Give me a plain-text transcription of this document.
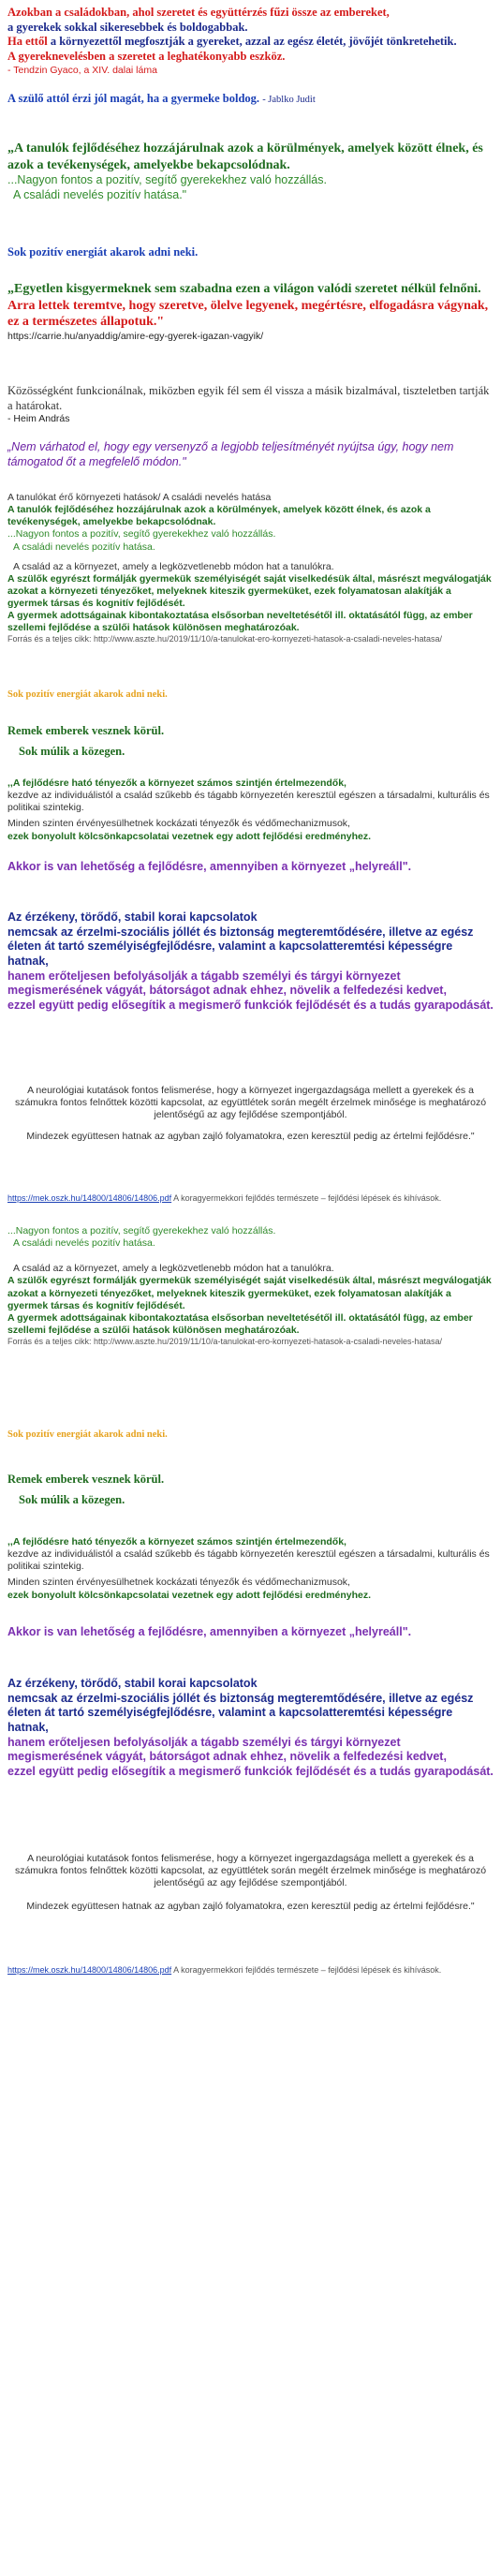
Azokban a családokban, ahol szeretet és együttérzés fűzi össze az embereket,

a gyerekek sokkal sikeresebbek és boldogabbak.

Ha ettől a környezettől megfosztják a gyereket, azzal az egész életét, jövőjét tönkretehetik.

A gyereknevelésben a szeretet a leghatékonyabb eszköz.

- Tendzin Gyaco, a XIV. dalai láma

A szülő attól érzi jól magát, ha a gyermeke boldog. - Jablko Judit

„A tanulók fejlődéséhez hozzájárulnak azok a körülmények, amelyek között élnek, és azok a tevékenységek, amelyekbe bekapcsolódnak.

...Nagyon fontos a pozitív, segítő gyerekekhez való hozzállás.

A családi nevelés pozitív hatása."

Sok pozitív energiát akarok adni neki.

„Egyetlen kisgyermeknek sem szabadna ezen a világon valódi szeretet nélkül felnőni.

Arra lettek teremtve, hogy szeretve, ölelve legyenek, megértésre, elfogadásra vágynak, ez a természetes állapotuk."

https://carrie.hu/anyaddig/amire-egy-gyerek-igazan-vagyik/

Közösségként funkcionálnak, miközben egyik fél sem él vissza a másik bizalmával, tiszteletben tartják a határokat.

- Heim András

„Nem várhatod el, hogy egy versenyző a legjobb teljesítményét nyújtsa úgy, hogy nem támogatod őt a megfelelő módon."

A tanulókat érő környezeti hatások/ A családi nevelés hatása

A tanulók fejlődéséhez hozzájárulnak azok a körülmények, amelyek között élnek, és azok a tevékenységek, amelyekbe bekapcsolódnak.

...Nagyon fontos a pozitív, segítő gyerekekhez való hozzállás.

A családi nevelés pozitív hatása.

A család az a környezet, amely a legközvetlenebb módon hat a tanulókra.

A szülők egyrészt formálják gyermekük személyiségét saját viselkedésük által, másrészt megválogatják azokat a környezeti tényezőket, melyeknek kiteszik gyermeküket, ezek folyamatosan alakítják a gyermek társas és kognitív fejlődését.

A gyermek adottságainak kibontakoztatása elsősorban neveltetésétől ill. oktatásától függ, az ember szellemi fejlődése a szülői hatások különösen meghatározóak.

Forrás és a teljes cikk: http://www.aszte.hu/2019/11/10/a-tanulokat-ero-kornyezeti-hatasok-a-csaladi-neveles-hatasa/

Sok pozitív energiát akarok adni neki.

Remek emberek vesznek körül.

Sok múlik a közegen.

,,A fejlődésre ható tényezők a környezet számos szintjén értelmezendők,

kezdve az individuálistól a család szűkebb és tágabb környezetén keresztül egészen a társadalmi, kulturális és politikai szintekig.

Minden szinten érvényesülhetnek kockázati tényezők és védőmechanizmusok,

ezek bonyolult kölcsönkapcsolatai vezetnek egy adott fejlődési eredményhez.

Akkor is van lehetőség a fejlődésre, amennyiben a környezet „helyreáll".

Az érzékeny, törődő, stabil korai kapcsolatok

nemcsak az érzelmi-szociális jóllét és biztonság megteremtődésére, illetve az egész életen át tartó személyiségfejlődésre, valamint a kapcsolatteremtési képességre hatnak,

hanem erőteljesen befolyásolják a tágabb személyi és tárgyi környezet megismerésének vágyát, bátorságot adnak ehhez, növelik a felfedezési kedvet,

ezzel együtt pedig elősegítik a megismerő funkciók fejlődését és a tudás gyarapodását.

A neurológiai kutatások fontos felismerése, hogy a környezet ingergazdagsága mellett a gyerekek és a számukra fontos felnőttek közötti kapcsolat, az együttlétek során megélt érzelmek minősége is meghatározó jelentőségű az agy fejlődése szempontjából.

Mindezek együttesen hatnak az agyban zajló folyamatokra, ezen keresztül pedig az értelmi fejlődésre."

https://mek.oszk.hu/14800/14806/14806.pdf A koragyermekkori fejlődés természete – fejlődési lépések és kihívások.

...Nagyon fontos a pozitív, segítő gyerekekhez való hozzállás.

A családi nevelés pozitív hatása.

A család az a környezet, amely a legközvetlenebb módon hat a tanulókra.

A szülők egyrészt formálják gyermekük személyiségét saját viselkedésük által, másrészt megválogatják azokat a környezeti tényezőket, melyeknek kiteszik gyermeküket, ezek folyamatosan alakítják a gyermek társas és kognitív fejlődését.

A gyermek adottságainak kibontakoztatása elsősorban neveltetésétől ill. oktatásától függ, az ember szellemi fejlődése a szülői hatások különösen meghatározóak.

Forrás és a teljes cikk: http://www.aszte.hu/2019/11/10/a-tanulokat-ero-kornyezeti-hatasok-a-csaladi-neveles-hatasa/

Sok pozitív energiát akarok adni neki.

Remek emberek vesznek körül.

Sok múlik a közegen.

,,A fejlődésre ható tényezők a környezet számos szintjén értelmezendők,

kezdve az individuálistól a család szűkebb és tágabb környezetén keresztül egészen a társadalmi, kulturális és politikai szintekig.

Minden szinten érvényesülhetnek kockázati tényezők és védőmechanizmusok,

ezek bonyolult kölcsönkapcsolatai vezetnek egy adott fejlődési eredményhez.

Akkor is van lehetőség a fejlődésre, amennyiben a környezet „helyreáll".

Az érzékeny, törődő, stabil korai kapcsolatok

nemcsak az érzelmi-szociális jóllét és biztonság megteremtődésére, illetve az egész életen át tartó személyiségfejlődésre, valamint a kapcsolatteremtési képességre hatnak,

hanem erőteljesen befolyásolják a tágabb személyi és tárgyi környezet megismerésének vágyát, bátorságot adnak ehhez, növelik a felfedezési kedvet,

ezzel együtt pedig elősegítik a megismerő funkciók fejlődését és a tudás gyarapodását.

A neurológiai kutatások fontos felismerése, hogy a környezet ingergazdagsága mellett a gyerekek és a számukra fontos felnőttek közötti kapcsolat, az együttlétek során megélt érzelmek minősége is meghatározó jelentőségű az agy fejlődése szempontjából.

Mindezek együttesen hatnak az agyban zajló folyamatokra, ezen keresztül pedig az értelmi fejlődésre."

https://mek.oszk.hu/14800/14806/14806.pdf A koragyermekkori fejlődés természete – fejlődési lépések és kihívások.
